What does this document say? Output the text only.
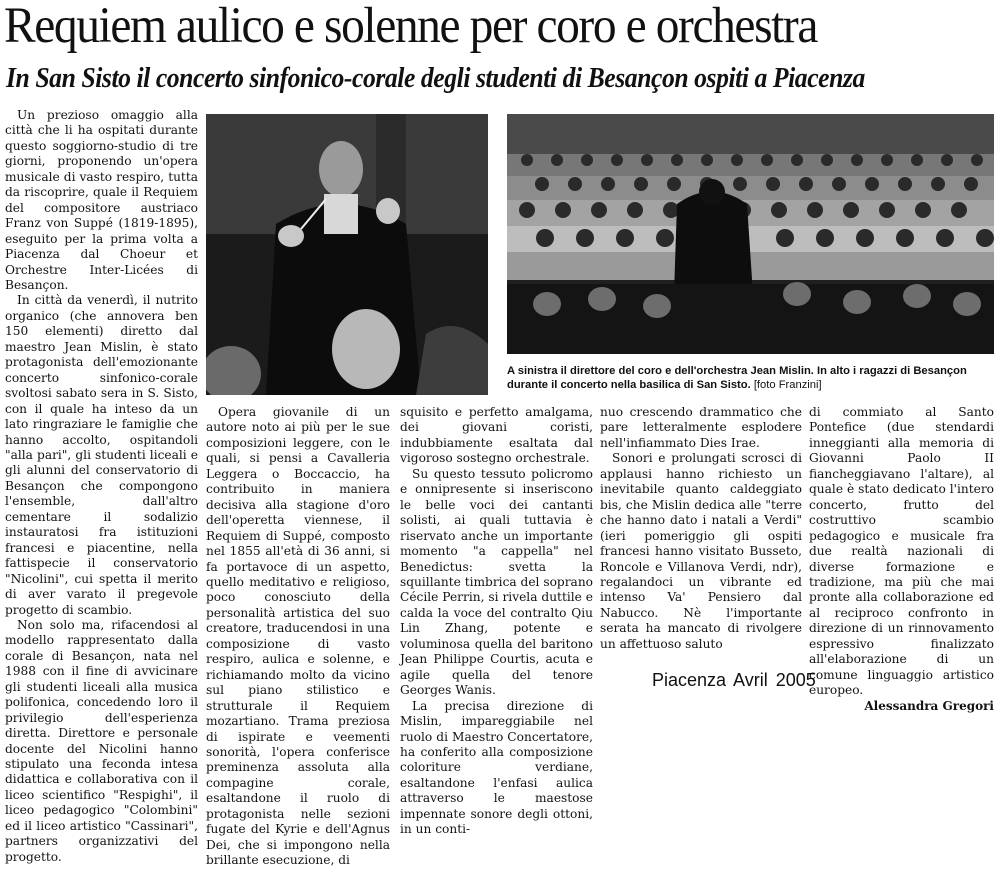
Requiem aulico e solenne per coro e orchestra
In San Sisto il concerto sinfonico-corale degli studenti di Besançon ospiti a Piacenza

Un prezioso omaggio alla città che li ha ospitati durante questo soggiorno-studio di tre giorni, proponendo un'opera musicale di vasto respiro, tutta da riscoprire, quale il Requiem del compositore austriaco Franz von Suppé (1819-1895), eseguito per la prima volta a Piacenza dal Choeur et Orchestre Inter-Licées di Besançon.

In città da venerdì, il nutrito organico (che annovera ben 150 elementi) diretto dal maestro Jean Mislin, è stato protagonista dell'emozionante concerto sinfonico-corale svoltosi sabato sera in S. Sisto, con il quale ha inteso da un lato ringraziare le famiglie che hanno accolto, ospitandoli "alla pari", gli studenti liceali e gli alunni del conservatorio di Besançon che compongono l'ensemble, dall'altro cementare il sodalizio instauratosi fra istituzioni francesi e piacentine, nella fattispecie il conservatorio "Nicolini", cui spetta il merito di aver varato il pregevole progetto di scambio.

Non solo ma, rifacendosi al modello rappresentato dalla corale di Besançon, nata nel 1988 con il fine di avvicinare gli studenti liceali alla musica polifonica, concedendo loro il privilegio dell'esperienza diretta. Direttore e personale docente del Nicolini hanno stipulato una feconda intesa didattica e collaborativa con il liceo scientifico "Respighi", il liceo pedagogico "Colombini" ed il liceo artistico "Cassinari", partners organizzativi del progetto.

A sinistra il direttore del coro e dell'orchestra Jean Mislin. In alto i ragazzi di Besançon durante il concerto nella basilica di San Sisto. [foto Franzini]

Opera giovanile di un autore noto ai più per le sue composizioni leggere, con le quali, si pensi a Cavalleria Leggera o Boccaccio, ha contribuito in maniera decisiva alla stagione d'oro dell'operetta viennese, il Requiem di Suppé, composto nel 1855 all'età di 36 anni, si fa portavoce di un aspetto, quello meditativo e religioso, poco conosciuto della personalità artistica del suo creatore, traducendosi in una composizione di vasto respiro, aulica e solenne, e richiamando molto da vicino sul piano stilistico e strutturale il Requiem mozartiano. Trama preziosa di ispirate e veementi sonorità, l'opera conferisce preminenza assoluta alla compagine corale, esaltandone il ruolo di protagonista nelle sezioni fugate del Kyrie e dell'Agnus Dei, che si impongono nella brillante esecuzione, di

squisito e perfetto amalgama, dei giovani coristi, indubbiamente esaltata dal vigoroso sostegno orchestrale.

Su questo tessuto policromo e onnipresente si inseriscono le belle voci dei cantanti solisti, ai quali tuttavia è riservato anche un importante momento "a cappella" nel Benedictus: svetta la squillante timbrica del soprano Cécile Perrin, si rivela duttile e calda la voce del contralto Qiu Lin Zhang, potente e voluminosa quella del baritono Jean Philippe Courtis, acuta e agile quella del tenore Georges Wanis.

La precisa direzione di Mislin, impareggiabile nel ruolo di Maestro Concertatore, ha conferito alla composizione coloriture verdiane, esaltandone l'enfasi aulica attraverso le maestose impennate sonore degli ottoni, in un conti-

nuo crescendo drammatico che pare letteralmente esplodere nell'infiammato Dies Irae.

Sonori e prolungati scrosci di applausi hanno richiesto un inevitabile quanto caldeggiato bis, che Mislin dedica alle "terre che hanno dato i natali a Verdi" (ieri pomeriggio gli ospiti francesi hanno visitato Busseto, Roncole e Villanova Verdi, ndr), regalandoci un vibrante ed intenso Va' Pensiero dal Nabucco. Nè l'importante serata ha mancato di rivolgere un affettuoso saluto

di commiato al Santo Pontefice (due stendardi inneggianti alla memoria di Giovanni Paolo II fiancheggiavano l'altare), al quale è stato dedicato l'intero concerto, frutto del costruttivo scambio pedagogico e musicale fra due realtà nazionali di diverse formazione e tradizione, ma più che mai pronte alla collaborazione ed al reciproco confronto in direzione di un rinnovamento espressivo finalizzato all'elaborazione di un comune linguaggio artistico europeo.

Alessandra Gregori
Piacenza Avril 2005
